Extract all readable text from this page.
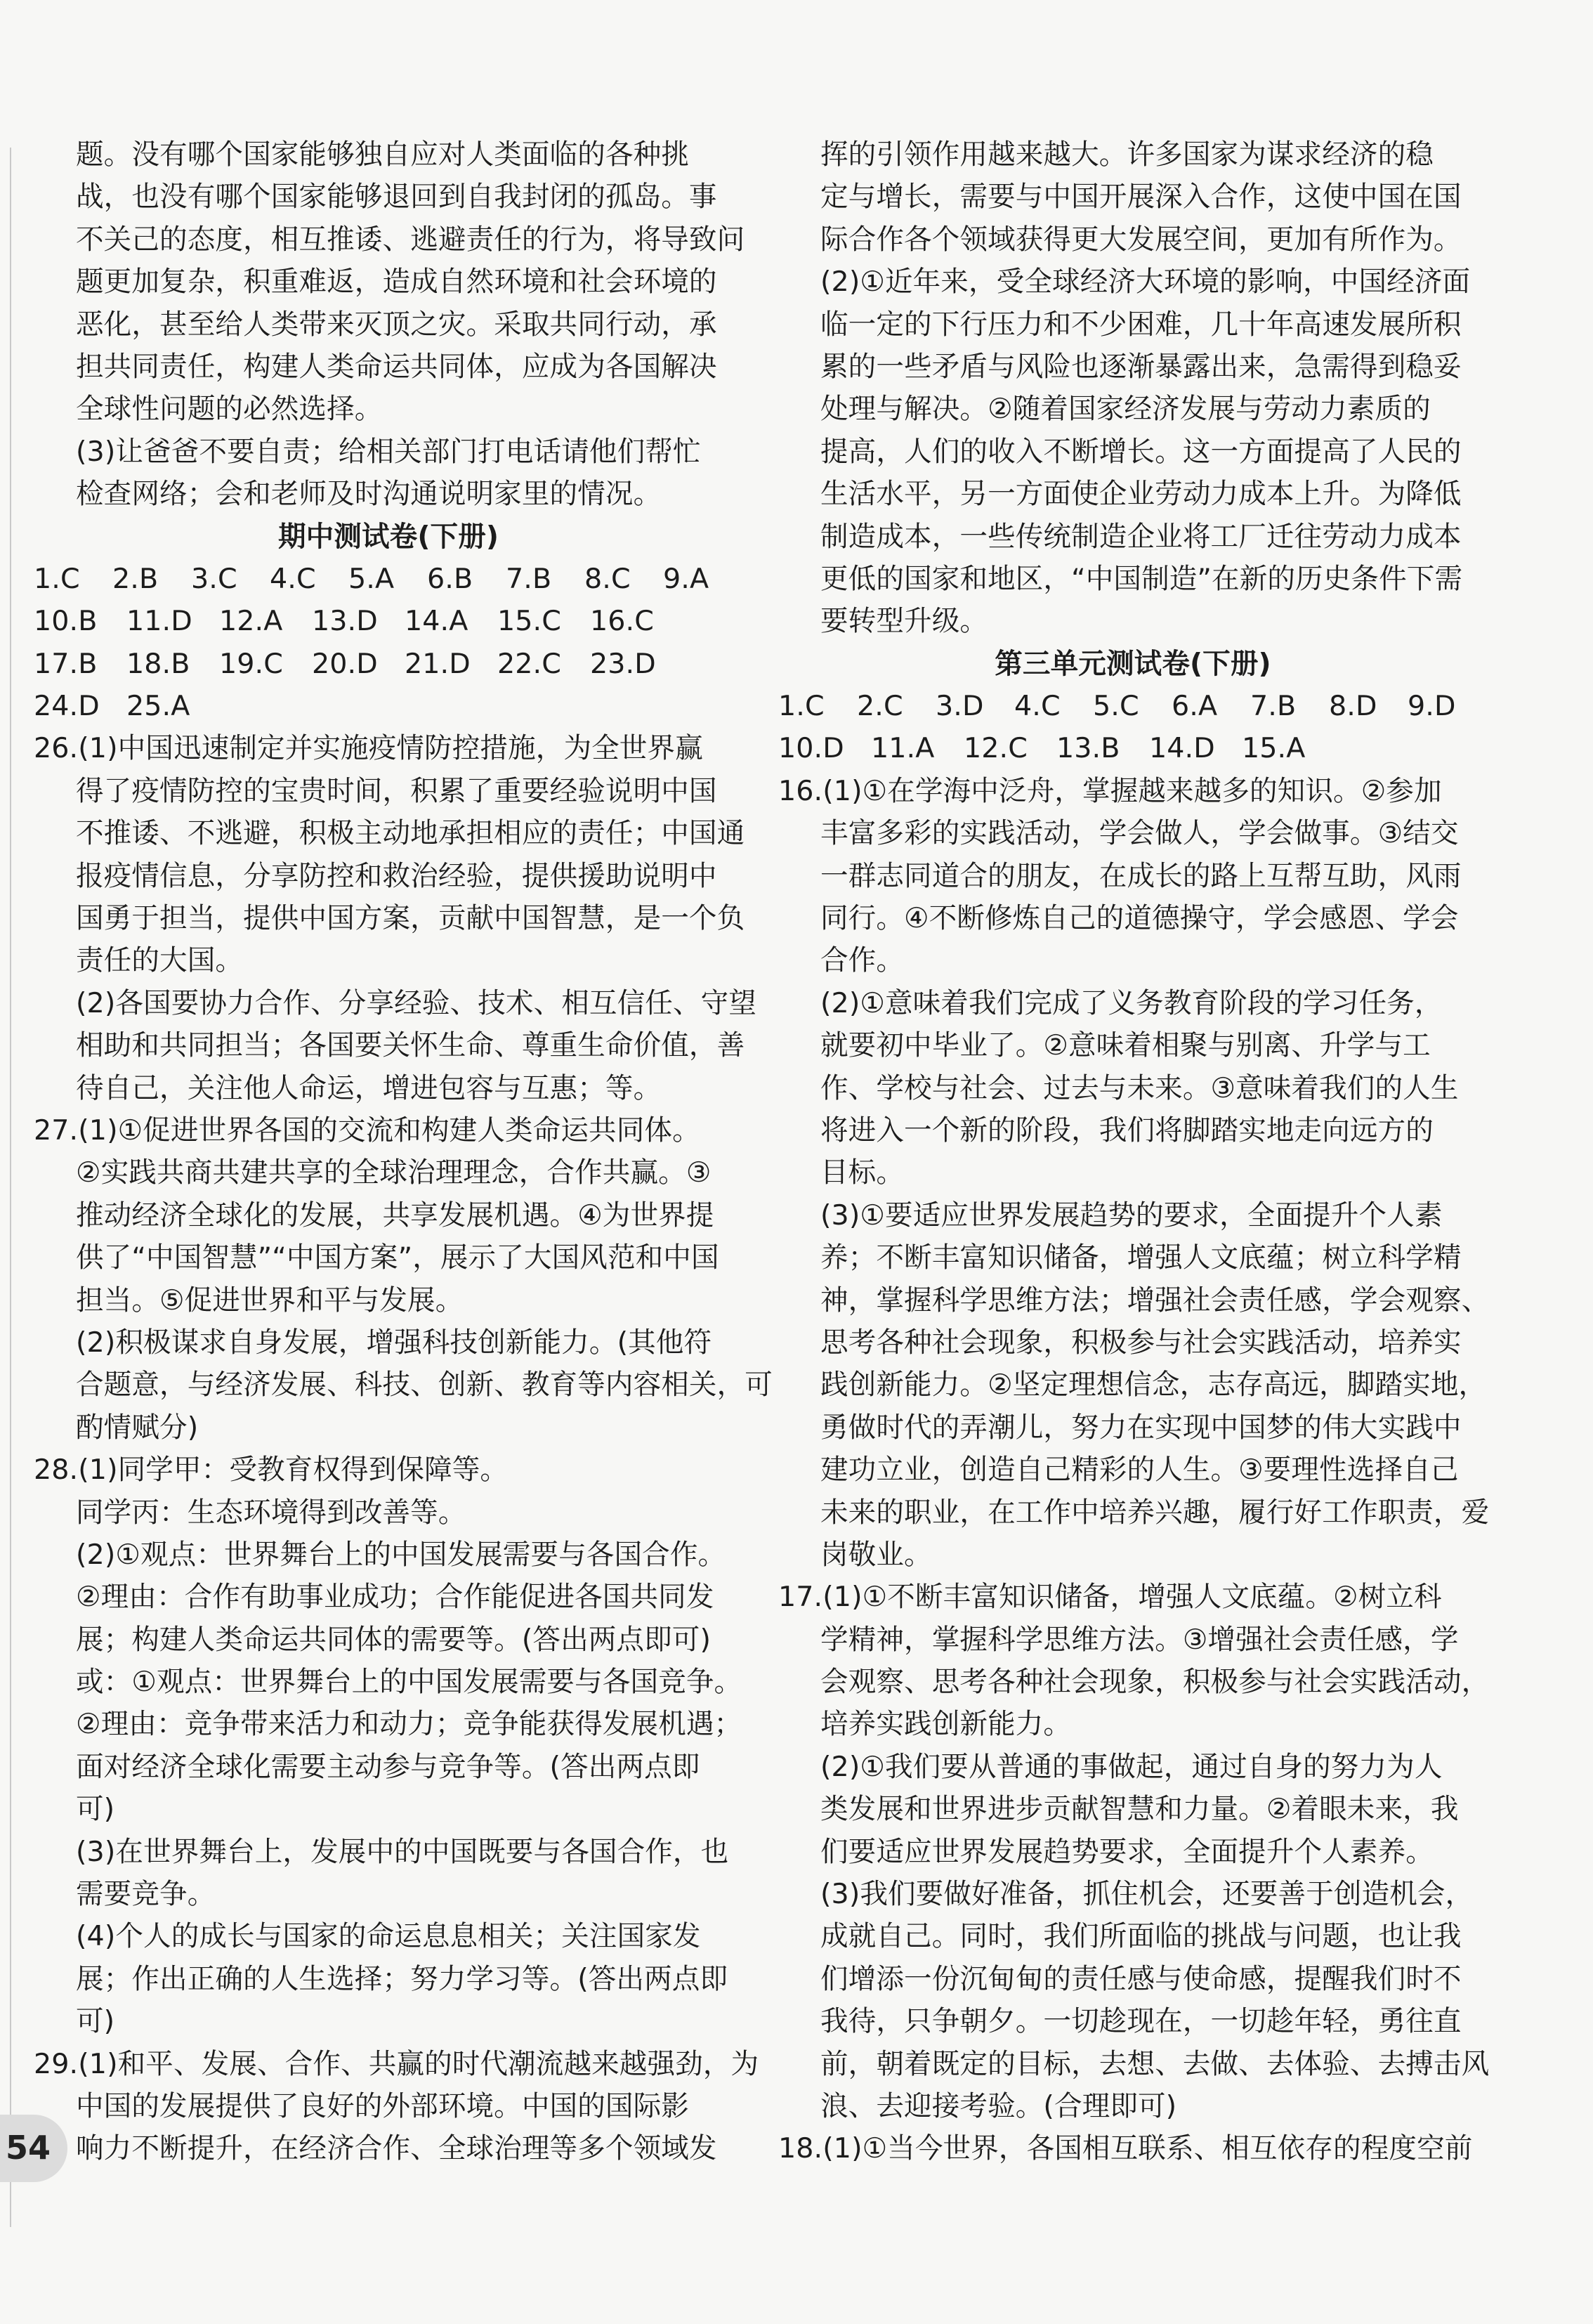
题。没有哪个国家能够独自应对人类面临的各种挑
战，也没有哪个国家能够退回到自我封闭的孤岛。事
不关己的态度，相互推诿、逃避责任的行为，将导致问
题更加复杂，积重难返，造成自然环境和社会环境的
恶化，甚至给人类带来灭顶之灾。采取共同行动，承
担共同责任，构建人类命运共同体，应成为各国解决
全球性问题的必然选择。
(3)让爸爸不要自责；给相关部门打电话请他们帮忙
检查网络；会和老师及时沟通说明家里的情况。
期中测试卷(下册)
1.C 2.B 3.C 4.C 5.A 6.B 7.B 8.C 9.A
10.B 11.D 12.A 13.D 14.A 15.C 16.C
17.B 18.B 19.C 20.D 21.D 22.C 23.D
24.D 25.A
26.(1)中国迅速制定并实施疫情防控措施，为全世界赢
得了疫情防控的宝贵时间，积累了重要经验说明中国
不推诿、不逃避，积极主动地承担相应的责任；中国通
报疫情信息，分享防控和救治经验，提供援助说明中
国勇于担当，提供中国方案，贡献中国智慧，是一个负
责任的大国。
(2)各国要协力合作、分享经验、技术、相互信任、守望
相助和共同担当；各国要关怀生命、尊重生命价值，善
待自己，关注他人命运，增进包容与互惠；等。
27.(1)①促进世界各国的交流和构建人类命运共同体。
②实践共商共建共享的全球治理理念，合作共赢。③
推动经济全球化的发展，共享发展机遇。④为世界提
供了“中国智慧”“中国方案”，展示了大国风范和中国
担当。⑤促进世界和平与发展。
(2)积极谋求自身发展，增强科技创新能力。(其他符
合题意，与经济发展、科技、创新、教育等内容相关，可
酌情赋分)
28.(1)同学甲：受教育权得到保障等。
同学丙：生态环境得到改善等。
(2)①观点：世界舞台上的中国发展需要与各国合作。
②理由：合作有助事业成功；合作能促进各国共同发
展；构建人类命运共同体的需要等。(答出两点即可)
或：①观点：世界舞台上的中国发展需要与各国竞争。
②理由：竞争带来活力和动力；竞争能获得发展机遇；
面对经济全球化需要主动参与竞争等。(答出两点即
可)
(3)在世界舞台上，发展中的中国既要与各国合作，也
需要竞争。
(4)个人的成长与国家的命运息息相关；关注国家发
展；作出正确的人生选择；努力学习等。(答出两点即
可)
29.(1)和平、发展、合作、共赢的时代潮流越来越强劲，为
中国的发展提供了良好的外部环境。中国的国际影
响力不断提升，在经济合作、全球治理等多个领域发
挥的引领作用越来越大。许多国家为谋求经济的稳
定与增长，需要与中国开展深入合作，这使中国在国
际合作各个领域获得更大发展空间，更加有所作为。
(2)①近年来，受全球经济大环境的影响，中国经济面
临一定的下行压力和不少困难，几十年高速发展所积
累的一些矛盾与风险也逐渐暴露出来，急需得到稳妥
处理与解决。②随着国家经济发展与劳动力素质的
提高，人们的收入不断增长。这一方面提高了人民的
生活水平，另一方面使企业劳动力成本上升。为降低
制造成本，一些传统制造企业将工厂迁往劳动力成本
更低的国家和地区，“中国制造”在新的历史条件下需
要转型升级。
第三单元测试卷(下册)
1.C 2.C 3.D 4.C 5.C 6.A 7.B 8.D 9.D
10.D 11.A 12.C 13.B 14.D 15.A
16.(1)①在学海中泛舟，掌握越来越多的知识。②参加
丰富多彩的实践活动，学会做人，学会做事。③结交
一群志同道合的朋友，在成长的路上互帮互助，风雨
同行。④不断修炼自己的道德操守，学会感恩、学会
合作。
(2)①意味着我们完成了义务教育阶段的学习任务，
就要初中毕业了。②意味着相聚与别离、升学与工
作、学校与社会、过去与未来。③意味着我们的人生
将进入一个新的阶段，我们将脚踏实地走向远方的
目标。
(3)①要适应世界发展趋势的要求，全面提升个人素
养；不断丰富知识储备，增强人文底蕴；树立科学精
神，掌握科学思维方法；增强社会责任感，学会观察、
思考各种社会现象，积极参与社会实践活动，培养实
践创新能力。②坚定理想信念，志存高远，脚踏实地，
勇做时代的弄潮儿，努力在实现中国梦的伟大实践中
建功立业，创造自己精彩的人生。③要理性选择自己
未来的职业，在工作中培养兴趣，履行好工作职责，爱
岗敬业。
17.(1)①不断丰富知识储备，增强人文底蕴。②树立科
学精神，掌握科学思维方法。③增强社会责任感，学
会观察、思考各种社会现象，积极参与社会实践活动，
培养实践创新能力。
(2)①我们要从普通的事做起，通过自身的努力为人
类发展和世界进步贡献智慧和力量。②着眼未来，我
们要适应世界发展趋势要求，全面提升个人素养。
(3)我们要做好准备，抓住机会，还要善于创造机会，
成就自己。同时，我们所面临的挑战与问题，也让我
们增添一份沉甸甸的责任感与使命感，提醒我们时不
我待，只争朝夕。一切趁现在，一切趁年轻，勇往直
前，朝着既定的目标，去想、去做、去体验、去搏击风
浪、去迎接考验。(合理即可)
18.(1)①当今世界，各国相互联系、相互依存的程度空前
54
